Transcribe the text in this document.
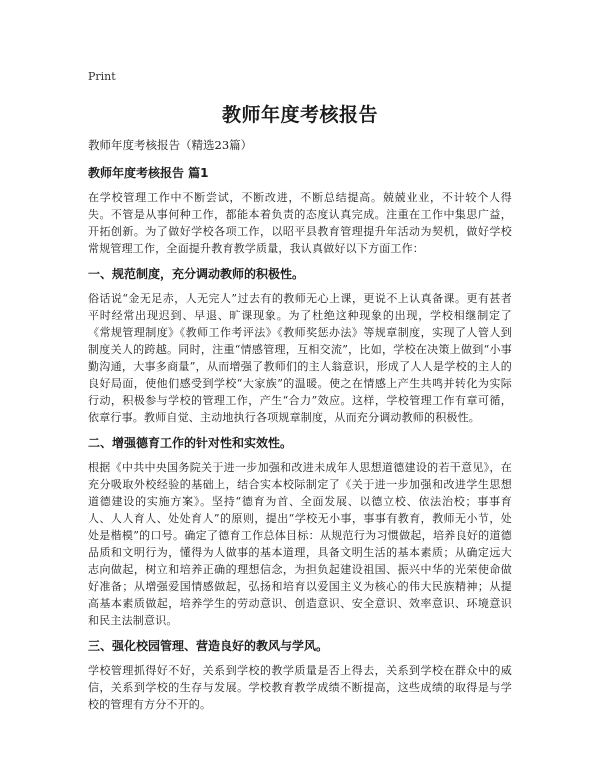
Print
教师年度考核报告

教师年度考核报告（精选23篇）

教师年度考核报告 篇1

在学校管理工作中不断尝试，不断改进，不断总结提高。兢兢业业，不计较个人得失。不管是从事何种工作，都能本着负责的态度认真完成。注重在工作中集思广益，开拓创新。为了做好学校各项工作，以昭平县教育管理提升年活动为契机，做好学校常规管理工作，全面提升教育教学质量，我认真做好以下方面工作：

一、规范制度，充分调动教师的积极性。

俗话说“金无足赤，人无完人”过去有的教师无心上课，更说不上认真备课。更有甚者平时经常出现迟到、早退、旷课现象。为了杜绝这种现象的出现，学校相继制定了《常规管理制度》《教师工作考评法》《教师奖惩办法》等规章制度，实现了人管人到制度关人的跨越。同时，注重“情感管理，互相交流”，比如，学校在决策上做到“小事勤沟通，大事多商量”，从而增强了教师们的主人翁意识，形成了人人是学校的主人的良好局面，使他们感受到学校“大家族”的温暖。使之在情感上产生共鸣并转化为实际行动，积极参与学校的管理工作，产生“合力”效应。这样，学校管理工作有章可循，依章行事。教师自觉、主动地执行各项规章制度，从而充分调动教师的积极性。

二、增强德育工作的针对性和实效性。

根据《中共中央国务院关于进一步加强和改进未成年人思想道德建设的若干意见》，在充分吸取外校经验的基础上，结合实本校际制定了《关于进一步加强和改进学生思想道德建设的实施方案》。坚持“德育为首、全面发展、以德立校、依法治校；事事育人、人人育人、处处育人”的原则，提出“学校无小事，事事有教育，教师无小节，处处是楷模”的口号。确定了德育工作总体目标：从规范行为习惯做起，培养良好的道德品质和文明行为，懂得为人做事的基本道理，具备文明生活的基本素质；从确定远大志向做起，树立和培养正确的理想信念，为担负起建设祖国、振兴中华的光荣使命做好准备；从增强爱国情感做起，弘扬和培育以爱国主义为核心的伟大民族精神；从提高基本素质做起，培养学生的劳动意识、创造意识、安全意识、效率意识、环境意识和民主法制意识。

三、强化校园管理、营造良好的教风与学风。

学校管理抓得好不好，关系到学校的教学质量是否上得去，关系到学校在群众中的威信，关系到学校的生存与发展。学校教育教学成绩不断提高，这些成绩的取得是与学校的管理有方分不开的。
